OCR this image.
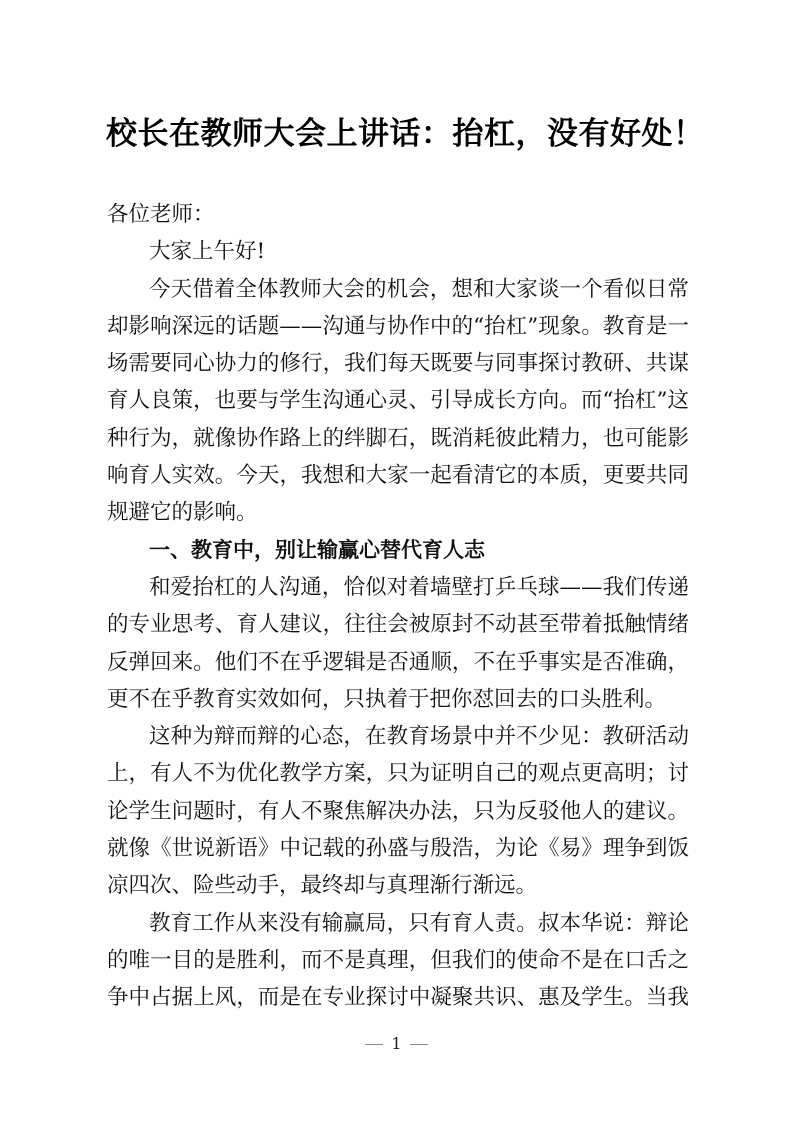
校长在教师大会上讲话：抬杠，没有好处！
各位老师：
大家上午好!
今天借着全体教师大会的机会，想和大家谈一个看似日常
却影响深远的话题——沟通与协作中的“抬杠”现象。教育是一
场需要同心协力的修行，我们每天既要与同事探讨教研、共谋
育人良策，也要与学生沟通心灵、引导成长方向。而“抬杠”这
种行为，就像协作路上的绊脚石，既消耗彼此精力，也可能影
响育人实效。今天，我想和大家一起看清它的本质，更要共同
规避它的影响。
一、教育中，别让输赢心替代育人志
和爱抬杠的人沟通，恰似对着墙壁打乒乓球——我们传递
的专业思考、育人建议，往往会被原封不动甚至带着抵触情绪
反弹回来。他们不在乎逻辑是否通顺，不在乎事实是否准确，
更不在乎教育实效如何，只执着于把你怼回去的口头胜利。
这种为辩而辩的心态，在教育场景中并不少见：教研活动
上，有人不为优化教学方案，只为证明自己的观点更高明；讨
论学生问题时，有人不聚焦解决办法，只为反驳他人的建议。
就像《世说新语》中记载的孙盛与殷浩，为论《易》理争到饭
凉四次、险些动手，最终却与真理渐行渐远。
教育工作从来没有输赢局，只有育人责。叔本华说：辩论
的唯一目的是胜利，而不是真理，但我们的使命不是在口舌之
争中占据上风，而是在专业探讨中凝聚共识、惠及学生。当我
1
